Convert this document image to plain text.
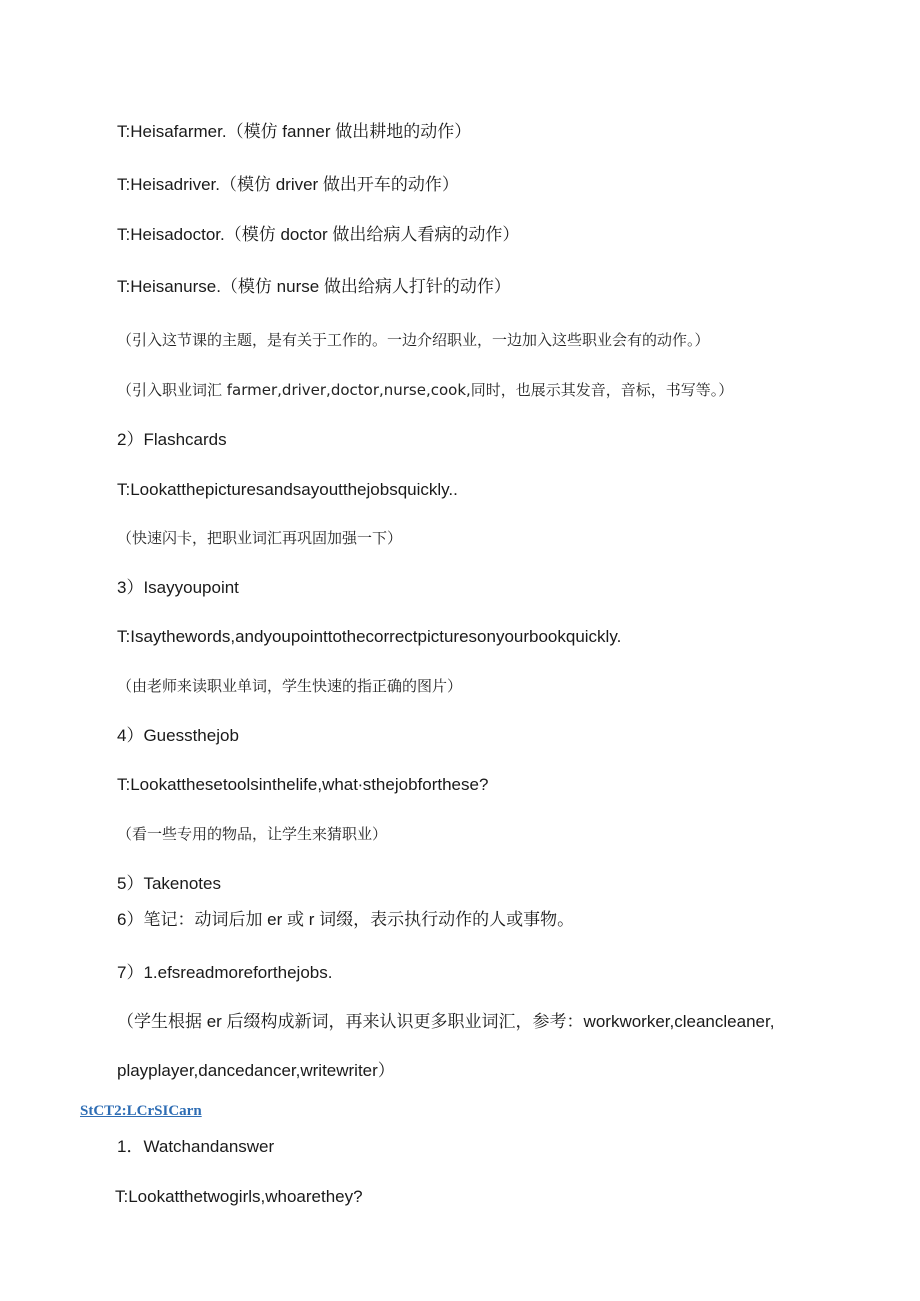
T:Heisafarmer.（模仿 fanner 做出耕地的动作）
T:Heisadriver.（模仿 driver 做出开车的动作）
T:Heisadoctor.（模仿 doctor 做出给病人看病的动作）
T:Heisanurse.（模仿 nurse 做出给病人打针的动作）
（引入这节课的主题，是有关于工作的。一边介绍职业，一边加入这些职业会有的动作。）
（引入职业词汇 farmer,driver,doctor,nurse,cook,同时，也展示其发音，音标，书写等。）
2）Flashcards
T:Lookatthepicturesandsayoutthejobsquickly..
（快速闪卡，把职业词汇再巩固加强一下）
3）Isayyoupoint
T:Isaythewords,andyoupointtothecorrectpicturesonyourbookquickly.
（由老师来读职业单词，学生快速的指正确的图片）
4）Guessthejob
T:Lookatthesetoolsinthelife,what∙sthejobforthese?
（看一些专用的物品，让学生来猜职业）
5）Takenotes
6）笔记：动词后加 er 或 r 词缀，表示执行动作的人或事物。
7）1.efsreadmoreforthejobs.
（学生根据 er 后缀构成新词，再来认识更多职业词汇，参考：workworker,cleancleaner,
playplayer,dancedancer,writewriter）
StCT2:LCrSICarn
1．Watchandanswer
T:Lookatthetwogirls,whoarethey?
